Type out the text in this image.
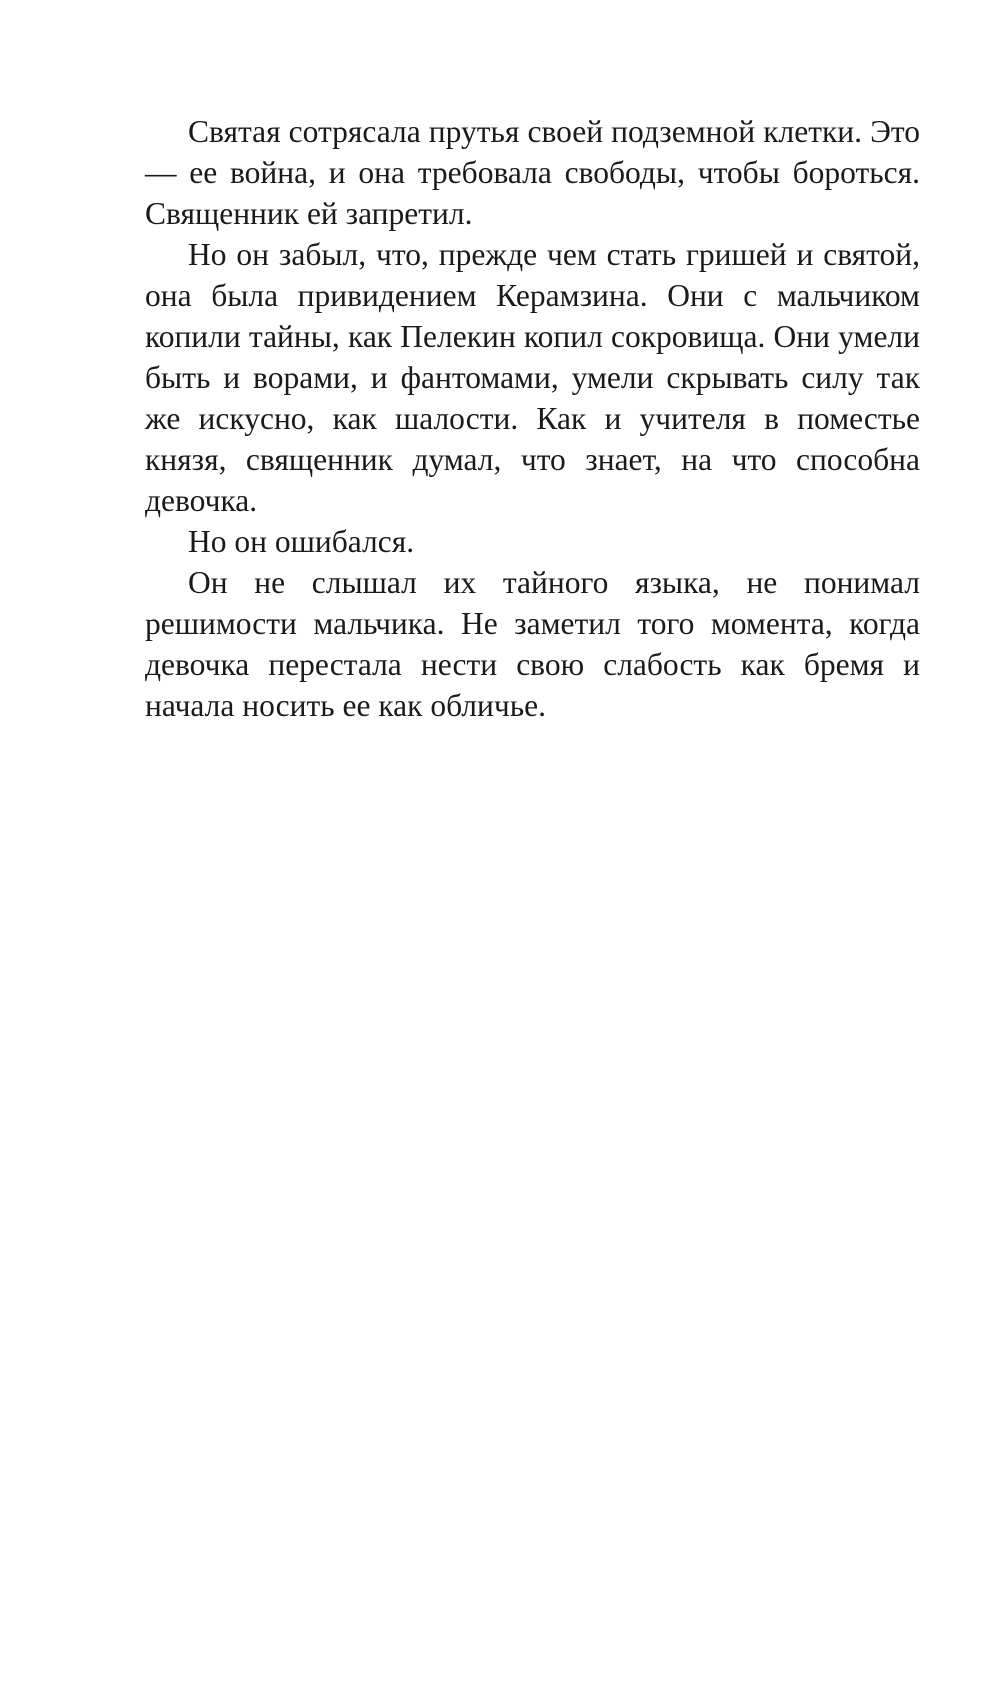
Святая сотрясала прутья своей подземной клетки. Это — ее война, и она требовала свободы, чтобы бороться. Священник ей запретил.

Но он забыл, что, прежде чем стать гришей и святой, она была привидением Керамзина. Они с мальчиком копили тайны, как Пелекин копил сокровища. Они умели быть и ворами, и фантомами, умели скрывать силу так же искусно, как шалости. Как и учителя в поместье князя, священник думал, что знает, на что способна девочка.

Но он ошибался.

Он не слышал их тайного языка, не понимал решимости мальчика. Не заметил того момента, когда девочка перестала нести свою слабость как бремя и начала носить ее как обличье.
